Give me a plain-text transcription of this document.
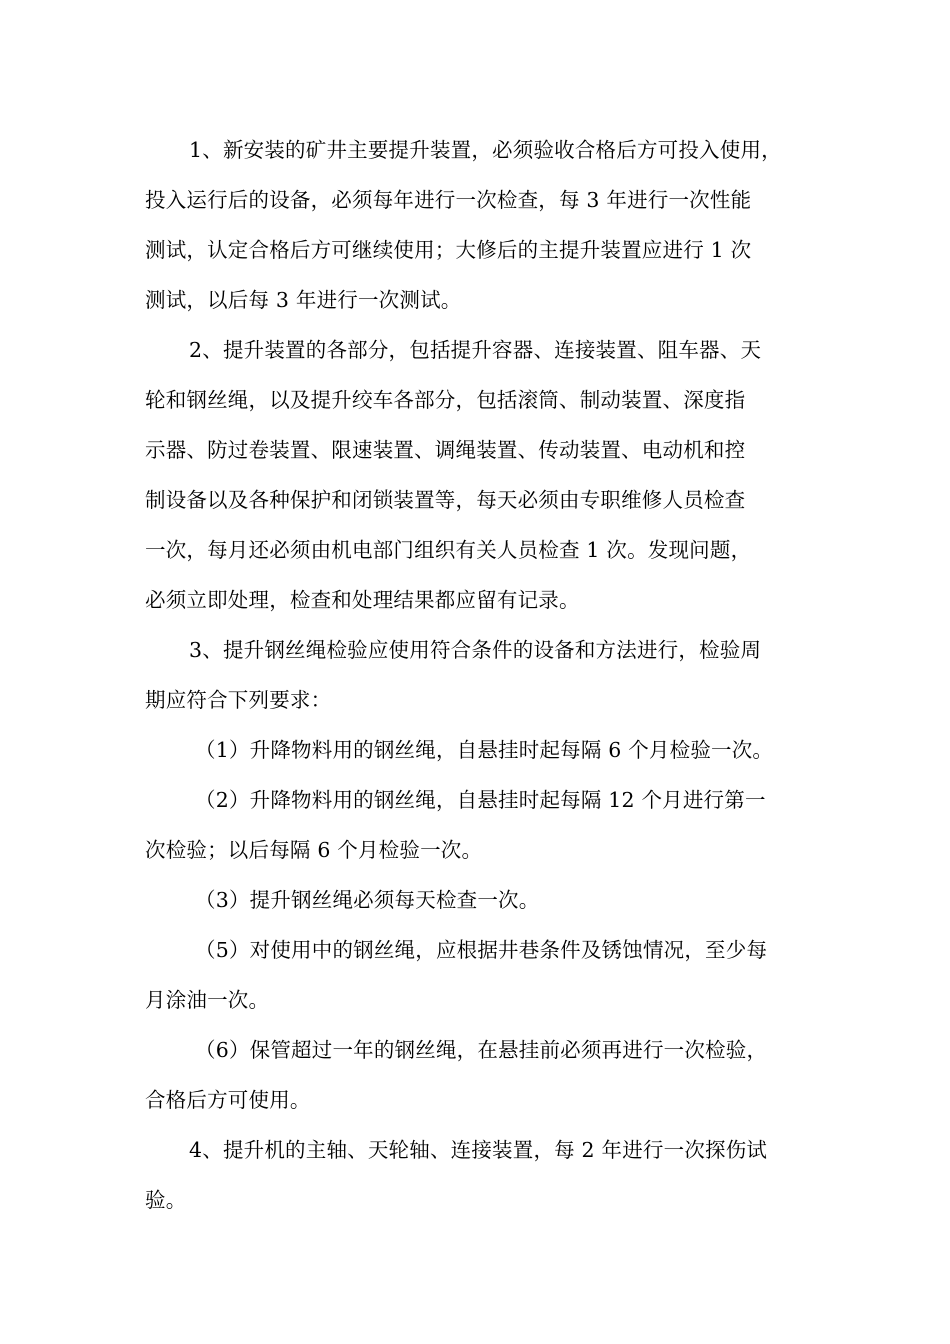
1、新安装的矿井主要提升装置，必须验收合格后方可投入使用，
投入运行后的设备，必须每年进行一次检查，每 3 年进行一次性能
测试，认定合格后方可继续使用；大修后的主提升装置应进行 1 次
测试，以后每 3 年进行一次测试。
2、提升装置的各部分，包括提升容器、连接装置、阻车器、天
轮和钢丝绳，以及提升绞车各部分，包括滚筒、制动装置、深度指
示器、防过卷装置、限速装置、调绳装置、传动装置、电动机和控
制设备以及各种保护和闭锁装置等，每天必须由专职维修人员检查
一次，每月还必须由机电部门组织有关人员检查 1 次。发现问题，
必须立即处理，检查和处理结果都应留有记录。
3、提升钢丝绳检验应使用符合条件的设备和方法进行，检验周
期应符合下列要求：
（1）升降物料用的钢丝绳，自悬挂时起每隔 6 个月检验一次。
（2）升降物料用的钢丝绳，自悬挂时起每隔 12 个月进行第一
次检验；以后每隔 6 个月检验一次。
（3）提升钢丝绳必须每天检查一次。
（5）对使用中的钢丝绳，应根据井巷条件及锈蚀情况，至少每
月涂油一次。
（6）保管超过一年的钢丝绳，在悬挂前必须再进行一次检验，
合格后方可使用。
4、提升机的主轴、天轮轴、连接装置，每 2 年进行一次探伤试
验。
